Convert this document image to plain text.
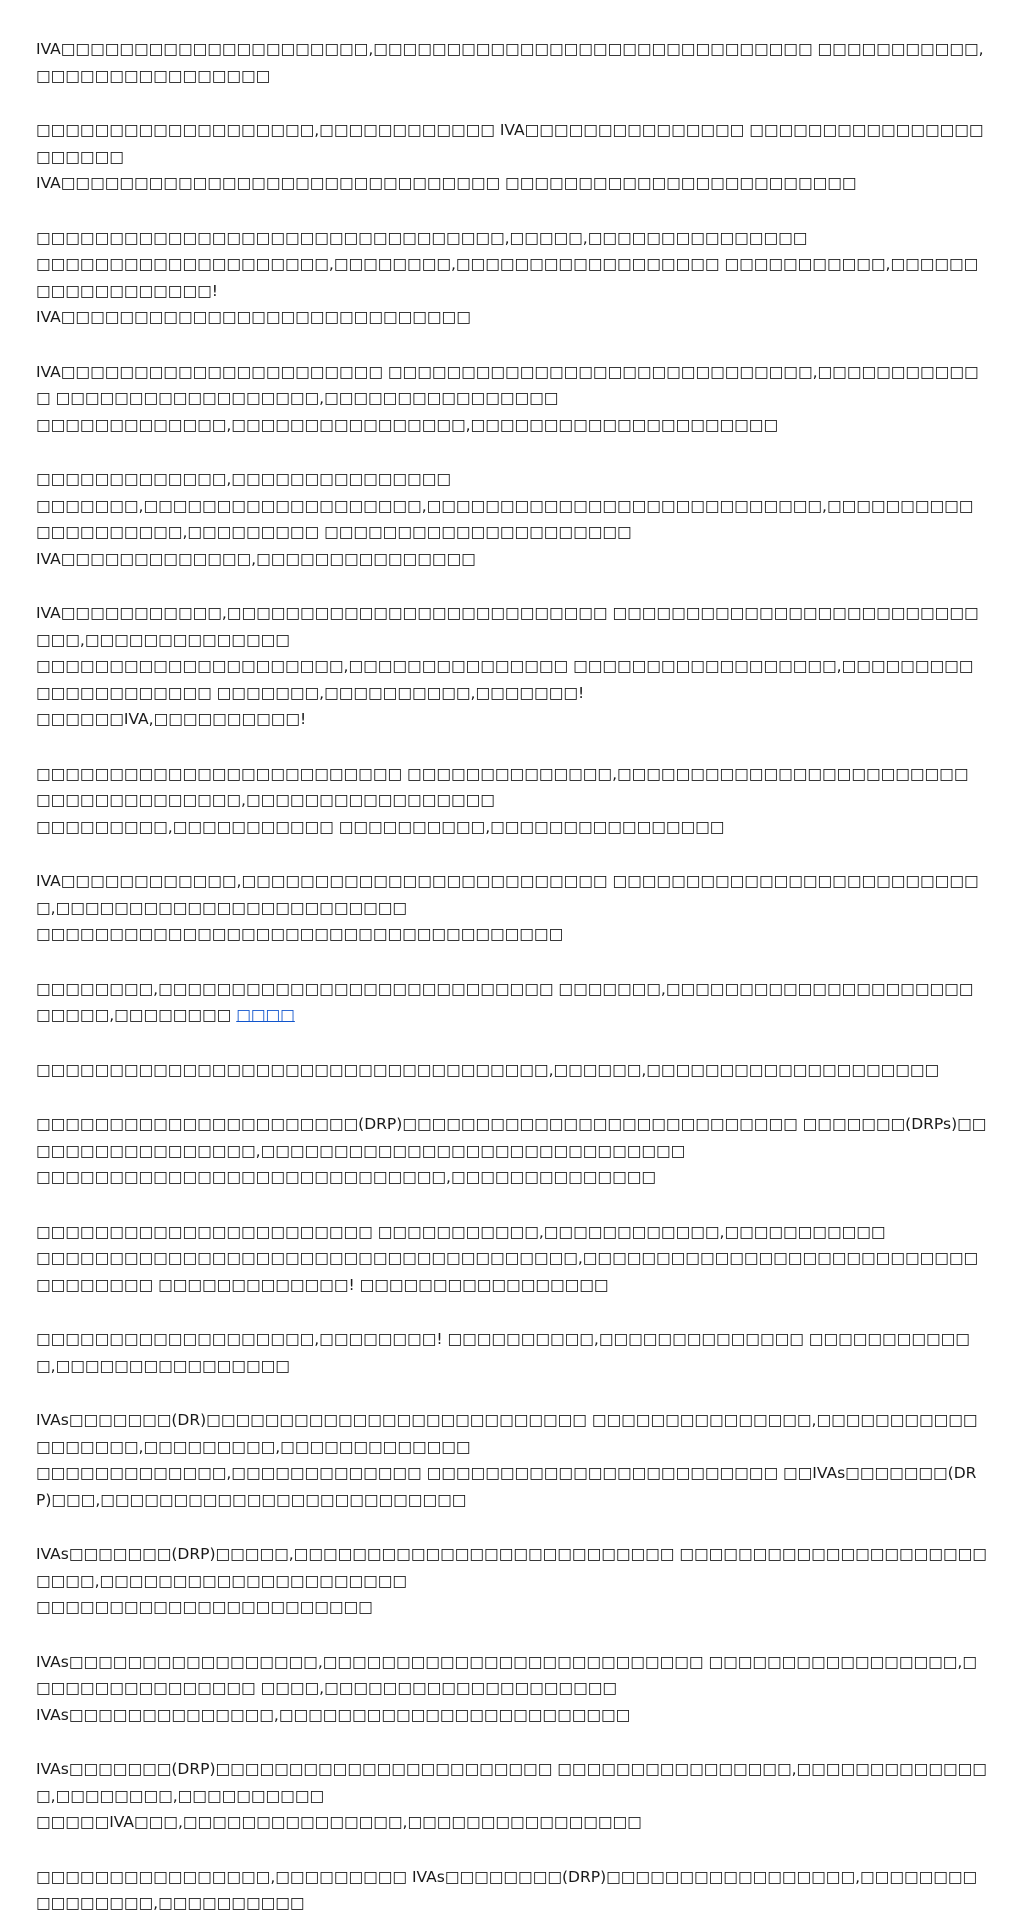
IVA□□□□□□□□□□□□□□□□□□□□□,□□□□□□□□□□□□□□□□□□□□□□□□□□□□□□ □□□□□□□□□□□,□□□□□□□□□□□□□□□□

□□□□□□□□□□□□□□□□□□□,□□□□□□□□□□□□ IVA□□□□□□□□□□□□□□□ □□□□□□□□□□□□□□□□□□□□□□
IVA□□□□□□□□□□□□□□□□□□□□□□□□□□□□□□ □□□□□□□□□□□□□□□□□□□□□□□□

□□□□□□□□□□□□□□□□□□□□□□□□□□□□□□□□,□□□□□,□□□□□□□□□□□□□□□
□□□□□□□□□□□□□□□□□□□□,□□□□□□□□,□□□□□□□□□□□□□□□□□□ □□□□□□□□□□□,□□□□□□□□□□□□□□□□□□!
IVA□□□□□□□□□□□□□□□□□□□□□□□□□□□□

IVA□□□□□□□□□□□□□□□□□□□□□□ □□□□□□□□□□□□□□□□□□□□□□□□□□□□□,□□□□□□□□□□□□ □□□□□□□□□□□□□□□□□□,□□□□□□□□□□□□□□□□
□□□□□□□□□□□□□,□□□□□□□□□□□□□□□□,□□□□□□□□□□□□□□□□□□□□□

□□□□□□□□□□□□□,□□□□□□□□□□□□□□□
□□□□□□□,□□□□□□□□□□□□□□□□□□□,□□□□□□□□□□□□□□□□□□□□□□□□□□□,□□□□□□□□□□□□□□□□□□□□,□□□□□□□□□ □□□□□□□□□□□□□□□□□□□□□
IVA□□□□□□□□□□□□□,□□□□□□□□□□□□□□□

IVA□□□□□□□□□□□,□□□□□□□□□□□□□□□□□□□□□□□□□□ □□□□□□□□□□□□□□□□□□□□□□□□□□□□,□□□□□□□□□□□□□□
□□□□□□□□□□□□□□□□□□□□□,□□□□□□□□□□□□□□□ □□□□□□□□□□□□□□□□□□,□□□□□□□□□□□□□□□□□□□□□ □□□□□□□,□□□□□□□□□□,□□□□□□□!
□□□□□□IVA,□□□□□□□□□□!

□□□□□□□□□□□□□□□□□□□□□□□□□ □□□□□□□□□□□□□□,□□□□□□□□□□□□□□□□□□□□□□□□ □□□□□□□□□□□□□□,□□□□□□□□□□□□□□□□□
□□□□□□□□□,□□□□□□□□□□□ □□□□□□□□□□,□□□□□□□□□□□□□□□□

IVA□□□□□□□□□□□□,□□□□□□□□□□□□□□□□□□□□□□□□□ □□□□□□□□□□□□□□□□□□□□□□□□□□,□□□□□□□□□□□□□□□□□□□□□□□□
□□□□□□□□□□□□□□□□□□□□□□□□□□□□□□□□□□□□

□□□□□□□□,□□□□□□□□□□□□□□□□□□□□□□□□□□□ □□□□□□□,□□□□□□□□□□□□□□□□□□□□□□□□□□,□□□□□□□□ □□□□

□□□□□□□□□□□□□□□□□□□□□□□□□□□□□□□□□□□,□□□□□□,□□□□□□□□□□□□□□□□□□□□

□□□□□□□□□□□□□□□□□□□□□□(DRP)□□□□□□□□□□□□□□□□□□□□□□□□□□□ □□□□□□□(DRPs)□□□□□□□□□□□□□□□□□,□□□□□□□□□□□□□□□□□□□□□□□□□□□□□
□□□□□□□□□□□□□□□□□□□□□□□□□□□□,□□□□□□□□□□□□□□

□□□□□□□□□□□□□□□□□□□□□□□ □□□□□□□□□□□,□□□□□□□□□□□□,□□□□□□□□□□□
□□□□□□□□□□□□□□□□□□□□□□□□□□□□□□□□□□□□□,□□□□□□□□□□□□□□□□□□□□□□□□□□□□□□□□□□□ □□□□□□□□□□□□□! □□□□□□□□□□□□□□□□□

□□□□□□□□□□□□□□□□□□□,□□□□□□□□! □□□□□□□□□□,□□□□□□□□□□□□□□ □□□□□□□□□□□□,□□□□□□□□□□□□□□□□

IVAs□□□□□□□(DR)□□□□□□□□□□□□□□□□□□□□□□□□□□ □□□□□□□□□□□□□□□,□□□□□□□□□□□□□□□□□□,□□□□□□□□□,□□□□□□□□□□□□□
□□□□□□□□□□□□□,□□□□□□□□□□□□□ □□□□□□□□□□□□□□□□□□□□□□□□ □□IVAs□□□□□□□(DRP)□□□,□□□□□□□□□□□□□□□□□□□□□□□□□

IVAs□□□□□□□(DRP)□□□□□,□□□□□□□□□□□□□□□□□□□□□□□□□□ □□□□□□□□□□□□□□□□□□□□□□□□□,□□□□□□□□□□□□□□□□□□□□□
□□□□□□□□□□□□□□□□□□□□□□□

IVAs□□□□□□□□□□□□□□□□□,□□□□□□□□□□□□□□□□□□□□□□□□□□ □□□□□□□□□□□□□□□□□,□□□□□□□□□□□□□□□□ □□□□,□□□□□□□□□□□□□□□□□□□□
IVAs□□□□□□□□□□□□□□,□□□□□□□□□□□□□□□□□□□□□□□□

IVAs□□□□□□□(DRP)□□□□□□□□□□□□□□□□□□□□□□□ □□□□□□□□□□□□□□□□,□□□□□□□□□□□□□□,□□□□□□□□,□□□□□□□□□□
□□□□□IVA□□□,□□□□□□□□□□□□□□□,□□□□□□□□□□□□□□□□

□□□□□□□□□□□□□□□□,□□□□□□□□□ IVAs□□□□□□□□(DRP)□□□□□□□□□□□□□□□□□,□□□□□□□□ □□□□□□□□,□□□□□□□□□□
